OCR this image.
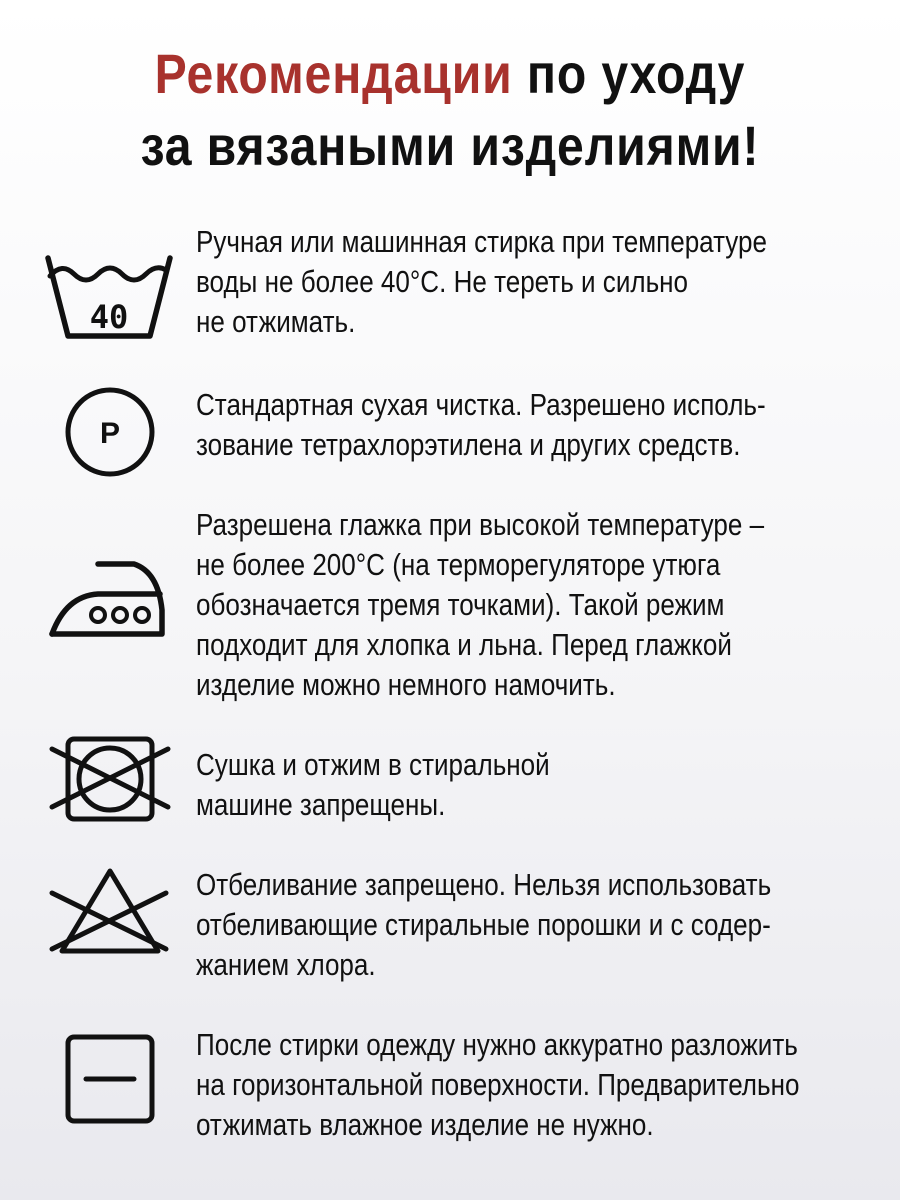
Рекомендации по уходу
за вязаными изделиями!
40

Ручная или машинная стирка при температуре
воды не более 40°С. Не тереть и сильно
не отжимать.

P

Стандартная сухая чистка. Разрешено исполь-
зование тетрахлорэтилена и других средств.

Разрешена глажка при высокой температуре –
не более 200°С (на терморегуляторе утюга
обозначается тремя точками). Такой режим
подходит для хлопка и льна. Перед глажкой
изделие можно немного намочить.

Сушка и отжим в стиральной
машине запрещены.

Отбеливание запрещено. Нельзя использовать
отбеливающие стиральные порошки и с содер-
жанием хлора.

После стирки одежду нужно аккуратно разложить
на горизонтальной поверхности. Предварительно
отжимать влажное изделие не нужно.
